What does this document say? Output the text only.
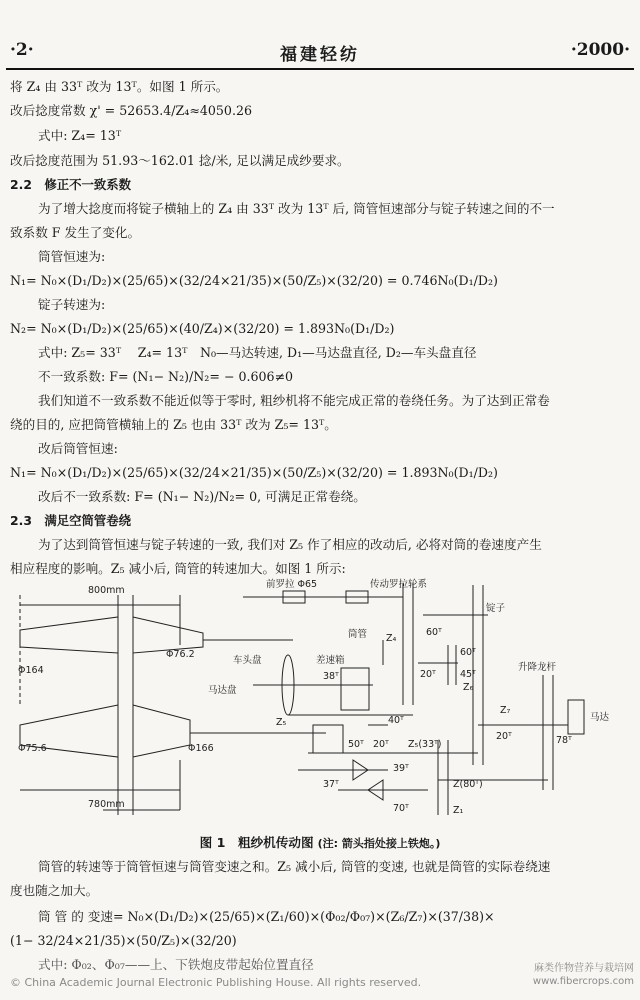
·2·	福建轻纺	·2000·
将 Z₄ 由 33ᵀ 改为 13ᵀ。如图 1 所示。
改后捻度常数 χ' = 52653.4/Z₄≈4050.26
式中: Z₄= 13ᵀ
改后捻度范围为 51.93～162.01 捻/米, 足以满足成纱要求。
2.2　修正不一致系数
为了增大捻度而将锭子横轴上的 Z₄ 由 33ᵀ 改为 13ᵀ 后, 筒管恒速部分与锭子转速之间的不一
致系数 F 发生了变化。
筒管恒速为:
N₁= N₀×(D₁/D₂)×(25/65)×(32/24×21/35)×(50/Z₅)×(32/20) = 0.746N₀(D₁/D₂)
锭子转速为:
N₂= N₀×(D₁/D₂)×(25/65)×(40/Z₄)×(32/20) = 1.893N₀(D₁/D₂)
式中: Z₅= 33ᵀ　 Z₄= 13ᵀ　N₀—马达转速, D₁—马达盘直径, D₂—车头盘直径
不一致系数: F= (N₁− N₂)/N₂= − 0.606≠0
我们知道不一致系数不能近似等于零时, 粗纱机将不能完成正常的卷绕任务。为了达到正常卷
绕的目的, 应把筒管横轴上的 Z₅ 也由 33ᵀ 改为 Z₅= 13ᵀ。
改后筒管恒速:
N₁= N₀×(D₁/D₂)×(25/65)×(32/24×21/35)×(50/Z₅)×(32/20) = 1.893N₀(D₁/D₂)
改后不一致系数: F= (N₁− N₂)/N₂= 0, 可满足正常卷绕。
2.3　满足空筒管卷绕
为了达到筒管恒速与锭子转速的一致, 我们对 Z₅ 作了相应的改动后, 必将对筒的卷速度产生
相应程度的影响。Z₅ 减小后, 筒管的转速加大。如图 1 所示:
800mm
780mm
Φ164
Φ76.2
Φ75.6	Φ166
前罗拉 Φ65	传动罗拉轮系
锭子
筒管
车头盘
马达盘
差速箱
升降龙杆
马达
Z₄
Z₅
Z₆
Z₇
Z₁
Z₅(33ᵀ)
Z(80ᵀ)
60ᵀ
60ᵀ
45ᵀ
38ᵀ	20ᵀ
40ᵀ
50ᵀ 20ᵀ
39ᵀ
37ᵀ
70ᵀ
78ᵀ
20ᵀ
图 1　粗纱机传动图 (注: 箭头指处接上铁炮。)
筒管的转速等于筒管恒速与筒管变速之和。Z₅ 减小后, 筒管的变速, 也就是筒管的实际卷绕速
度也随之加大。
筒 管 的 变速= N₀×(D₁/D₂)×(25/65)×(Z₁/60)×(Φ₀₂/Φ₀₇)×(Z₆/Z₇)×(37/38)×
(1− 32/24×21/35)×(50/Z₅)×(32/20)
式中: Φ₀₂、Φ₀₇——上、下铁炮皮带起始位置直径
© China Academic Journal Electronic Publishing House. All rights reserved.
麻类作物营养与栽培网
www.fibercrops.com
